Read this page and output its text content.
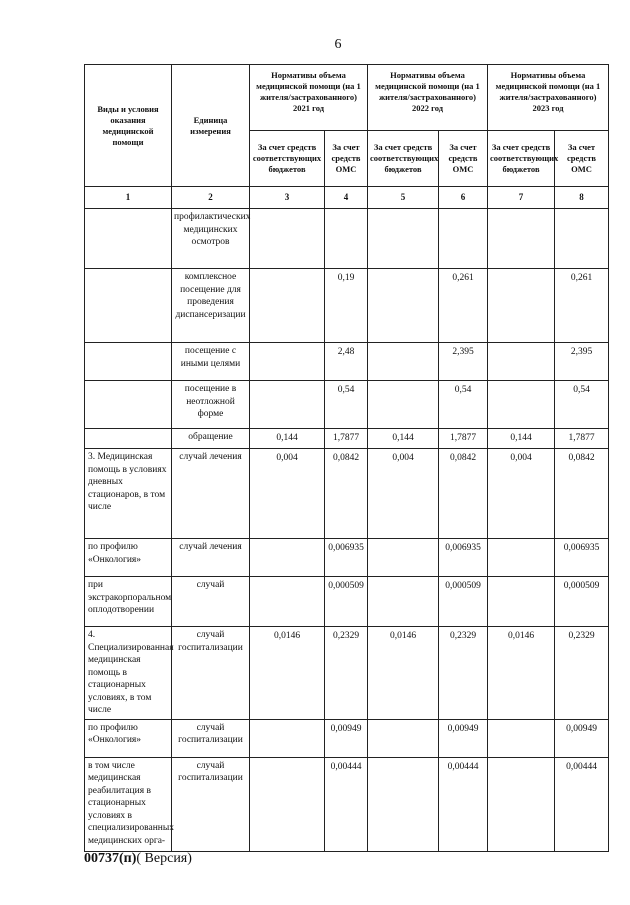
6
Виды и условия оказания медицинской помощи	Единица измерения	Нормативы объема медицинской помощи (на 1 жителя/застрахованного) 2021 год		Нормативы объема медицинской помощи (на 1 жителя/застрахованного) 2022 год		Нормативы объема медицинской помощи (на 1 жителя/застрахованного) 2023 год	
		За счет средств соответствующих бюджетов	За счет средств ОМС	За счет средств соответствующих бюджетов	За счет средств ОМС	За счет средств соответствующих бюджетов	За счет средств ОМС
1	2	3	4	5	6	7	8
	профилактических медицинских осмотров						
	комплексное посещение для проведения диспансеризации		0,19		0,261		0,261
	посещение с иными целями		2,48		2,395		2,395
	посещение в неотложной форме		0,54		0,54		0,54
	обращение	0,144	1,7877	0,144	1,7877	0,144	1,7877
3. Медицинская помощь в условиях дневных стационаров, в том числе	случай лечения	0,004	0,0842	0,004	0,0842	0,004	0,0842
по профилю «Онкология»	случай лечения		0,006935		0,006935		0,006935
при экстракорпоральном оплодотворении	случай		0,000509		0,000509		0,000509
4. Специализированная медицинская помощь в стационарных условиях, в том числе	случай госпитализации	0,0146	0,2329	0,0146	0,2329	0,0146	0,2329
по профилю «Онкология»	случай госпитализации		0,00949		0,00949		0,00949
в том числе медицинская реабилитация в стационарных условиях в специализированных медицинских орга-	случай госпитализации		0,00444		0,00444		0,00444
00737(п)( Версия)
